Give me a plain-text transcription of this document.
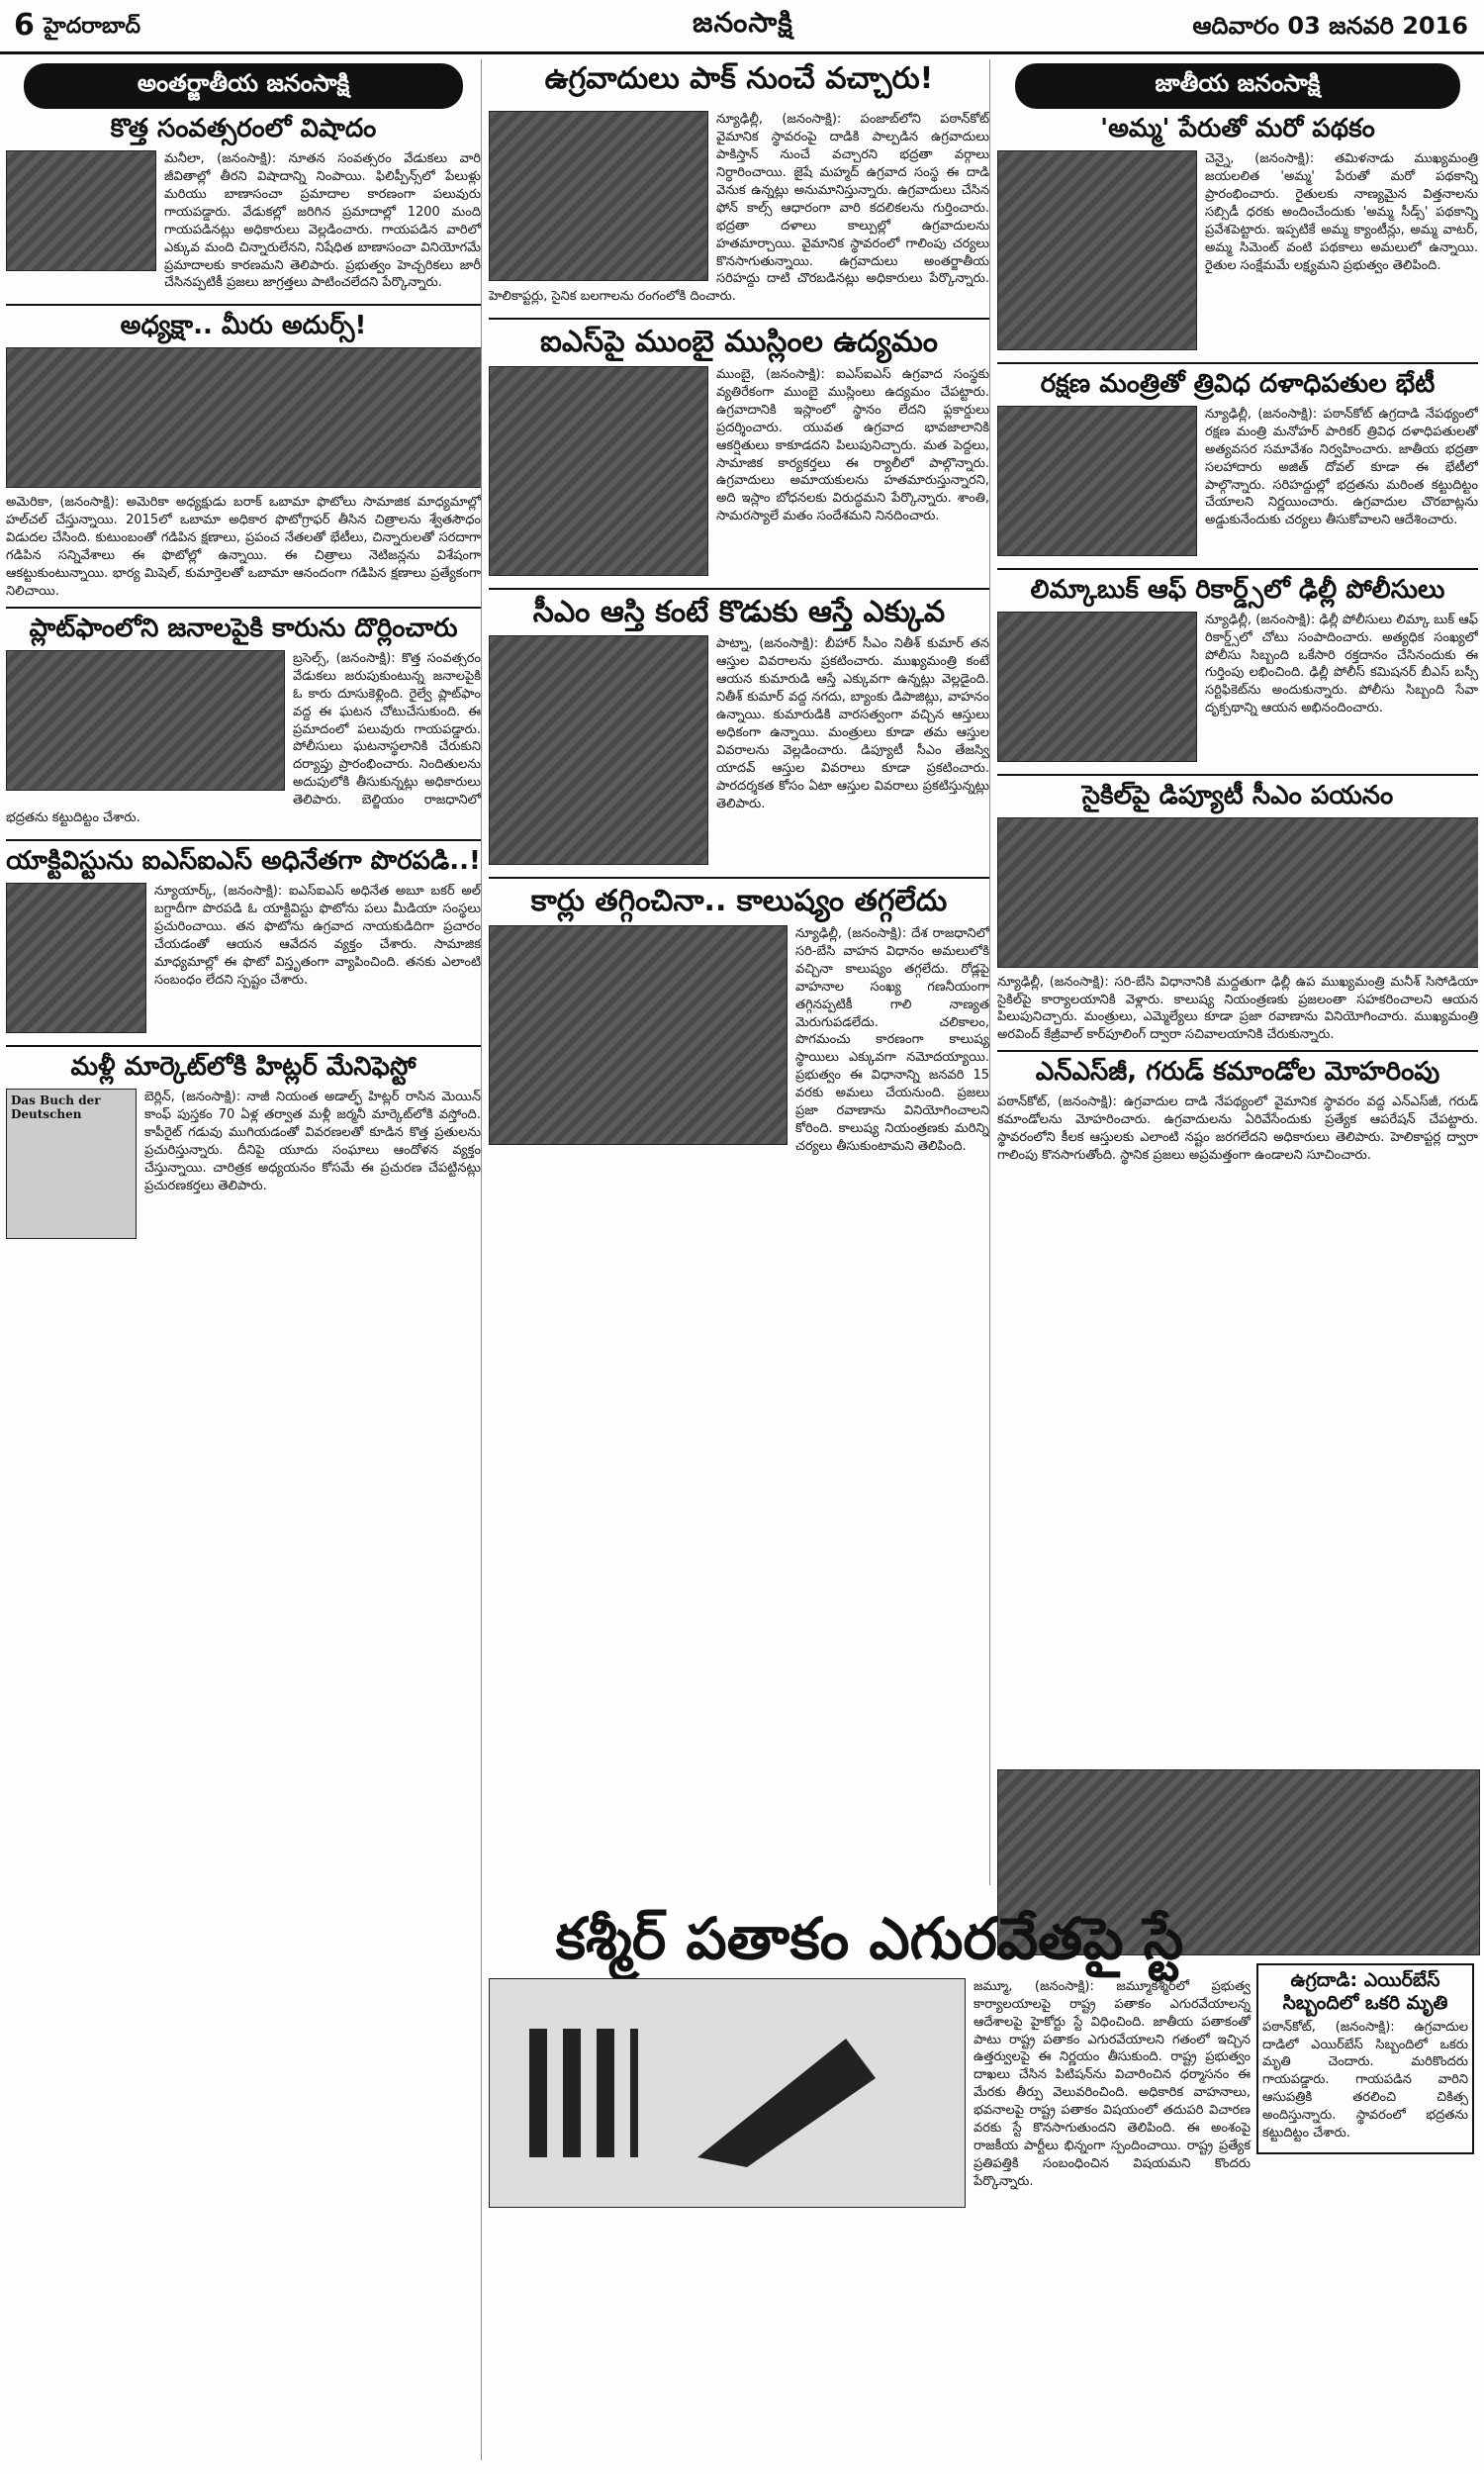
6 హైదరాబాద్	జనంసాక్షి	ఆదివారం 03 జనవరి 2016
అంతర్జాతీయ జనంసాక్షి
కొత్త సంవత్సరంలో విషాదం

మనీలా, (జనంసాక్షి): నూతన సంవత్సరం వేడుకలు వారి జీవితాల్లో తీరని విషాదాన్ని నింపాయి. ఫిలిప్పీన్స్‌లో పేలుళ్లు మరియు బాణాసంచా ప్రమాదాల కారణంగా పలువురు గాయపడ్డారు. వేడుకల్లో జరిగిన ప్రమాదాల్లో 1200 మంది గాయపడినట్లు అధికారులు వెల్లడించారు. గాయపడిన వారిలో ఎక్కువ మంది చిన్నారులేనని, నిషేధిత బాణాసంచా వినియోగమే ప్రమాదాలకు కారణమని తెలిపారు. ప్రభుత్వం హెచ్చరికలు జారీ చేసినప్పటికీ ప్రజలు జాగ్రత్తలు పాటించలేదని పేర్కొన్నారు.

అధ్యక్షా.. మీరు అదుర్స్!

అమెరికా, (జనంసాక్షి): అమెరికా అధ్యక్షుడు బరాక్ ఒబామా ఫొటోలు సామాజిక మాధ్యమాల్లో హల్‌చల్ చేస్తున్నాయి. 2015లో ఒబామా అధికార ఫొటోగ్రాఫర్ తీసిన చిత్రాలను శ్వేతసౌధం విడుదల చేసింది. కుటుంబంతో గడిపిన క్షణాలు, ప్రపంచ నేతలతో భేటీలు, చిన్నారులతో సరదాగా గడిపిన సన్నివేశాలు ఈ ఫొటోల్లో ఉన్నాయి. ఈ చిత్రాలు నెటిజన్లను విశేషంగా ఆకట్టుకుంటున్నాయి. భార్య మిషెల్, కుమార్తెలతో ఒబామా ఆనందంగా గడిపిన క్షణాలు ప్రత్యేకంగా నిలిచాయి.

ప్లాట్‌ఫాంలోని జనాలపైకి కారును దొర్లించారు

బ్రసెల్స్, (జనంసాక్షి): కొత్త సంవత్సరం వేడుకలు జరుపుకుంటున్న జనాలపైకి ఓ కారు దూసుకెళ్లింది. రైల్వే ప్లాట్‌ఫాం వద్ద ఈ ఘటన చోటుచేసుకుంది. ఈ ప్రమాదంలో పలువురు గాయపడ్డారు. పోలీసులు ఘటనాస్థలానికి చేరుకుని దర్యాప్తు ప్రారంభించారు. నిందితులను అదుపులోకి తీసుకున్నట్లు అధికారులు తెలిపారు. బెల్జియం రాజధానిలో భద్రతను కట్టుదిట్టం చేశారు.

యాక్టివిస్టును ఐఎస్‌ఐఎస్ అధినేతగా పొరపడి..!

న్యూయార్క్, (జనంసాక్షి): ఐఎస్‌ఐఎస్ అధినేత అబూ బకర్ అల్ బగ్దాదీగా పొరపడి ఓ యాక్టివిస్టు ఫొటోను పలు మీడియా సంస్థలు ప్రచురించాయి. తన ఫొటోను ఉగ్రవాద నాయకుడిదిగా ప్రచారం చేయడంతో ఆయన ఆవేదన వ్యక్తం చేశారు. సామాజిక మాధ్యమాల్లో ఈ ఫొటో విస్తృతంగా వ్యాపించింది. తనకు ఎలాంటి సంబంధం లేదని స్పష్టం చేశారు.

మళ్లీ మార్కెట్‌లోకి హిట్లర్ మేనిఫెస్టో
Das Buch der Deutschen

బెర్లిన్, (జనంసాక్షి): నాజీ నియంత అడాల్ఫ్ హిట్లర్ రాసిన మెయిన్ కాంఫ్ పుస్తకం 70 ఏళ్ల తర్వాత మళ్లీ జర్మనీ మార్కెట్‌లోకి వస్తోంది. కాపీరైట్ గడువు ముగియడంతో వివరణలతో కూడిన కొత్త ప్రతులను ప్రచురిస్తున్నారు. దీనిపై యూదు సంఘాలు ఆందోళన వ్యక్తం చేస్తున్నాయి. చారిత్రక అధ్యయనం కోసమే ఈ ప్రచురణ చేపట్టినట్లు ప్రచురణకర్తలు తెలిపారు.

ఉగ్రవాదులు పాక్ నుంచే వచ్చారు!

న్యూఢిల్లీ, (జనంసాక్షి): పంజాబ్‌లోని పఠాన్‌కోట్ వైమానిక స్థావరంపై దాడికి పాల్పడిన ఉగ్రవాదులు పాకిస్తాన్ నుంచే వచ్చారని భద్రతా వర్గాలు నిర్ధారించాయి. జైషే మహ్మద్ ఉగ్రవాద సంస్థ ఈ దాడి వెనుక ఉన్నట్లు అనుమానిస్తున్నారు. ఉగ్రవాదులు చేసిన ఫోన్ కాల్స్ ఆధారంగా వారి కదలికలను గుర్తించారు. భద్రతా దళాలు కాల్పుల్లో ఉగ్రవాదులను హతమార్చాయి. వైమానిక స్థావరంలో గాలింపు చర్యలు కొనసాగుతున్నాయి. ఉగ్రవాదులు అంతర్జాతీయ సరిహద్దు దాటి చొరబడినట్లు అధికారులు పేర్కొన్నారు. హెలికాప్టర్లు, సైనిక బలగాలను రంగంలోకి దించారు.

ఐఎస్‌పై ముంబై ముస్లింల ఉద్యమం

ముంబై, (జనంసాక్షి): ఐఎస్‌ఐఎస్ ఉగ్రవాద సంస్థకు వ్యతిరేకంగా ముంబై ముస్లింలు ఉద్యమం చేపట్టారు. ఉగ్రవాదానికి ఇస్లాంలో స్థానం లేదని ఫ్లకార్డులు ప్రదర్శించారు. యువత ఉగ్రవాద భావజాలానికి ఆకర్షితులు కాకూడదని పిలుపునిచ్చారు. మత పెద్దలు, సామాజిక కార్యకర్తలు ఈ ర్యాలీలో పాల్గొన్నారు. ఉగ్రవాదులు అమాయకులను హతమారుస్తున్నారని, అది ఇస్లాం బోధనలకు విరుద్ధమని పేర్కొన్నారు. శాంతి, సామరస్యాలే మతం సందేశమని నినదించారు.

సీఎం ఆస్తి కంటే కొడుకు ఆస్తే ఎక్కువ

పాట్నా, (జనంసాక్షి): బీహార్ సీఎం నితీశ్ కుమార్ తన ఆస్తుల వివరాలను ప్రకటించారు. ముఖ్యమంత్రి కంటే ఆయన కుమారుడి ఆస్తే ఎక్కువగా ఉన్నట్లు వెల్లడైంది. నితీశ్ కుమార్ వద్ద నగదు, బ్యాంకు డిపాజిట్లు, వాహనం ఉన్నాయి. కుమారుడికి వారసత్వంగా వచ్చిన ఆస్తులు అధికంగా ఉన్నాయి. మంత్రులు కూడా తమ ఆస్తుల వివరాలను వెల్లడించారు. డిప్యూటీ సీఎం తేజస్వి యాదవ్ ఆస్తుల వివరాలు కూడా ప్రకటించారు. పారదర్శకత కోసం ఏటా ఆస్తుల వివరాలు ప్రకటిస్తున్నట్లు తెలిపారు.

కార్లు తగ్గించినా.. కాలుష్యం తగ్గలేదు

న్యూఢిల్లీ, (జనంసాక్షి): దేశ రాజధానిలో సరి-బేసి వాహన విధానం అమలులోకి వచ్చినా కాలుష్యం తగ్గలేదు. రోడ్లపై వాహనాల సంఖ్య గణనీయంగా తగ్గినప్పటికీ గాలి నాణ్యత మెరుగుపడలేదు. చలికాలం, పొగమంచు కారణంగా కాలుష్య స్థాయిలు ఎక్కువగా నమోదయ్యాయి. ప్రభుత్వం ఈ విధానాన్ని జనవరి 15 వరకు అమలు చేయనుంది. ప్రజలు ప్రజా రవాణాను వినియోగించాలని కోరింది. కాలుష్య నియంత్రణకు మరిన్ని చర్యలు తీసుకుంటామని తెలిపింది.

జాతీయ జనంసాక్షి
'అమ్మ' పేరుతో మరో పథకం

చెన్నై, (జనంసాక్షి): తమిళనాడు ముఖ్యమంత్రి జయలలిత 'అమ్మ' పేరుతో మరో పథకాన్ని ప్రారంభించారు. రైతులకు నాణ్యమైన విత్తనాలను సబ్సిడీ ధరకు అందించేందుకు 'అమ్మ సీడ్స్' పథకాన్ని ప్రవేశపెట్టారు. ఇప్పటికే అమ్మ క్యాంటీన్లు, అమ్మ వాటర్, అమ్మ సిమెంట్ వంటి పథకాలు అమలులో ఉన్నాయి. రైతుల సంక్షేమమే లక్ష్యమని ప్రభుత్వం తెలిపింది.

రక్షణ మంత్రితో త్రివిధ దళాధిపతుల భేటీ

న్యూఢిల్లీ, (జనంసాక్షి): పఠాన్‌కోట్ ఉగ్రదాడి నేపథ్యంలో రక్షణ మంత్రి మనోహర్ పారికర్ త్రివిధ దళాధిపతులతో అత్యవసర సమావేశం నిర్వహించారు. జాతీయ భద్రతా సలహాదారు అజిత్ దోవల్ కూడా ఈ భేటీలో పాల్గొన్నారు. సరిహద్దుల్లో భద్రతను మరింత కట్టుదిట్టం చేయాలని నిర్ణయించారు. ఉగ్రవాదుల చొరబాట్లను అడ్డుకునేందుకు చర్యలు తీసుకోవాలని ఆదేశించారు.

లిమ్కాబుక్ ఆఫ్ రికార్డ్స్‌లో ఢిల్లీ పోలీసులు

న్యూఢిల్లీ, (జనంసాక్షి): ఢిల్లీ పోలీసులు లిమ్కా బుక్ ఆఫ్ రికార్డ్స్‌లో చోటు సంపాదించారు. అత్యధిక సంఖ్యలో పోలీసు సిబ్బంది ఒకేసారి రక్తదానం చేసినందుకు ఈ గుర్తింపు లభించింది. ఢిల్లీ పోలీస్ కమిషనర్ బీఎస్ బస్సీ సర్టిఫికెట్‌ను అందుకున్నారు. పోలీసు సిబ్బంది సేవా దృక్పథాన్ని ఆయన అభినందించారు.

సైకిల్‌పై డిప్యూటీ సీఎం పయనం

న్యూఢిల్లీ, (జనంసాక్షి): సరి-బేసి విధానానికి మద్దతుగా ఢిల్లీ ఉప ముఖ్యమంత్రి మనీశ్ సిసోడియా సైకిల్‌పై కార్యాలయానికి వెళ్లారు. కాలుష్య నియంత్రణకు ప్రజలంతా సహకరించాలని ఆయన పిలుపునిచ్చారు. మంత్రులు, ఎమ్మెల్యేలు కూడా ప్రజా రవాణాను వినియోగించారు. ముఖ్యమంత్రి అరవింద్ కేజ్రీవాల్ కార్‌పూలింగ్ ద్వారా సచివాలయానికి చేరుకున్నారు.

ఎన్‌ఎస్‌జీ, గరుడ్ కమాండోల మోహరింపు

పఠాన్‌కోట్, (జనంసాక్షి): ఉగ్రవాదుల దాడి నేపథ్యంలో వైమానిక స్థావరం వద్ద ఎన్‌ఎస్‌జీ, గరుడ్ కమాండోలను మోహరించారు. ఉగ్రవాదులను ఏరివేసేందుకు ప్రత్యేక ఆపరేషన్ చేపట్టారు. స్థావరంలోని కీలక ఆస్తులకు ఎలాంటి నష్టం జరగలేదని అధికారులు తెలిపారు. హెలికాప్టర్ల ద్వారా గాలింపు కొనసాగుతోంది. స్థానిక ప్రజలు అప్రమత్తంగా ఉండాలని సూచించారు.

కశ్మీర్ పతాకం ఎగురవేతపై స్టే

జమ్మూ, (జనంసాక్షి): జమ్మూకశ్మీర్‌లో ప్రభుత్వ కార్యాలయాలపై రాష్ట్ర పతాకం ఎగురవేయాలన్న ఆదేశాలపై హైకోర్టు స్టే విధించింది. జాతీయ పతాకంతో పాటు రాష్ట్ర పతాకం ఎగురవేయాలని గతంలో ఇచ్చిన ఉత్తర్వులపై ఈ నిర్ణయం తీసుకుంది. రాష్ట్ర ప్రభుత్వం దాఖలు చేసిన పిటిషన్‌ను విచారించిన ధర్మాసనం ఈ మేరకు తీర్పు వెలువరించింది. అధికారిక వాహనాలు, భవనాలపై రాష్ట్ర పతాకం విషయంలో తదుపరి విచారణ వరకు స్టే కొనసాగుతుందని తెలిపింది. ఈ అంశంపై రాజకీయ పార్టీలు భిన్నంగా స్పందించాయి. రాష్ట్ర ప్రత్యేక ప్రతిపత్తికి సంబంధించిన విషయమని కొందరు పేర్కొన్నారు.

ఉగ్రదాడి: ఎయిర్‌బేస్ సిబ్బందిలో ఒకరి మృతి

పఠాన్‌కోట్, (జనంసాక్షి): ఉగ్రవాదుల దాడిలో ఎయిర్‌బేస్ సిబ్బందిలో ఒకరు మృతి చెందారు. మరికొందరు గాయపడ్డారు. గాయపడిన వారిని ఆసుపత్రికి తరలించి చికిత్స అందిస్తున్నారు. స్థావరంలో భద్రతను కట్టుదిట్టం చేశారు.
